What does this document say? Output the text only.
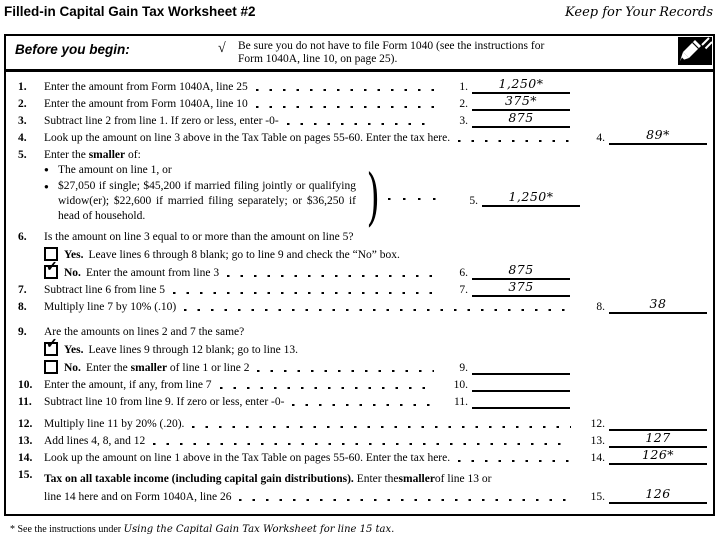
Filled-in Capital Gain Tax Worksheet #2	Keep for Your Records
Before you begin:	√ Be sure you do not have to file Form 1040 (see the instructions for
Form 1040A, line 10, on page 25).
1.	Enter the amount from Form 1040A, line 25	1.	1,250*
2.	Enter the amount from Form 1040A, line 10	2.	375*
3.	Subtract line 2 from line 1. If zero or less, enter -0-	3.	875
4.	Look up the amount on line 3 above in the Tax Table on pages 55-60. Enter the tax here.	4.	89*
5.	Enter the smaller of:
● The amount on line 1, or
● $27,050 if single; $45,200 if married filing jointly or qualifying widow(er); $22,600 if married filing separately; or $36,250 if head of household.	)	5.	1,250*
6.	Is the amount on line 3 equal to or more than the amount on line 5?
Yes. Leave lines 6 through 8 blank; go to line 9 and check the “No” box.
✓
No. Enter the amount from line 3	6.	875
7.	Subtract line 6 from line 5	7.	375
8.	Multiply line 7 by 10% (.10)	8.	38
9.	Are the amounts on lines 2 and 7 the same?
✓
Yes. Leave lines 9 through 12 blank; go to line 13.
No. Enter the smaller of line 1 or line 2	9.
10.	Enter the amount, if any, from line 7	10.
11.	Subtract line 10 from line 9. If zero or less, enter -0-	11.
12.	Multiply line 11 by 20% (.20).	12.
13.	Add lines 4, 8, and 12	13.	127
14.	Look up the amount on line 1 above in the Tax Table on pages 55-60. Enter the tax here.	14.	126*
15.	Tax on all taxable income (including capital gain distributions). Enter the smaller of line 13 or
line 14 here and on Form 1040A, line 26	15.	126
* See the instructions under Using the Capital Gain Tax Worksheet for line 15 tax.
